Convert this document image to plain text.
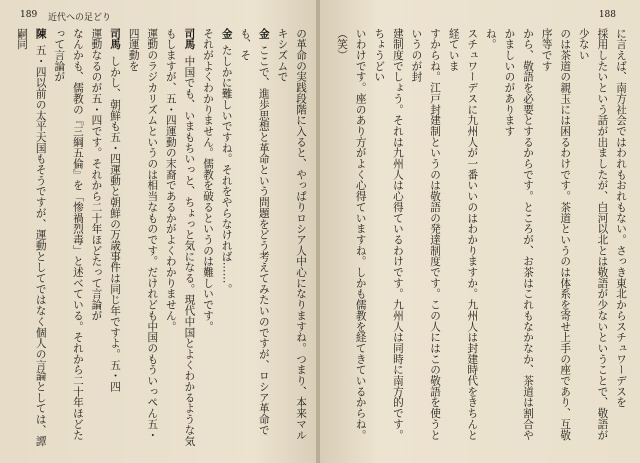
189 近代への足どり

の革命の実践段階に入ると、やっぱりロシア人中心になりますね。つまり、本来マルキシズムで

金ここで、進歩思想と革命という問題をどう考えてみたいのですが、ロシア革命でも、そ

金たしかに難しいですね。それをやらなければ……。

それがよくわかりません。儒教を破るというのは難しいです。

司馬中国でも、いまもちいっと、ちょっと気になる。現代中国とよくわかるような気もしますが、五・四運動の末裔であるかがよくわかりません。

運動のラジカリズムというのは相当なものです。だけれども中国のもういっぺん五・四運動を

司馬しかし、朝鮮も五・四運動と朝鮮の万歳事件は同じ年ですよ。五・四

運動なるのが五・四です。それから二十年ほどたって言論が

なんかも、儒教の『三綱五倫』を「惨禍烈毒」と述べている。それから二十年ほどたって言論が

陳五・四以前の太平天国もそうですが、運動としてではなく個人の言論としては、譚嗣同

188

に言えば、南方社会ではわれもおれもない。さっき東北からスチュワーデスを

採用したいという話が出ましたが、白河以北とは敬語が少ないということで、敬語が少ない

のは茶道の親玉には困るわけです。茶道というのは体系を寄せ上手の座であり、互敬序等です

から、敬語を必要とするからです。ところが、お茶はこれもなかなか、茶道は割合やかましいのがあります

ね。

スチュワーデスに九州人が一番いいのはわかりますか。九州人は封建時代をきちんと経ていま

すからね。江戸封建制というのは敬語の発達制度です。この人にはこの敬語を使うというのが封

建制度でしょう。それは九州人は心得ているわけです。九州人は同時に南方的です。ちょうどい

いわけです。座のあり方がよく心得ていますね。しかも儒教を経てきているからね。（笑）
